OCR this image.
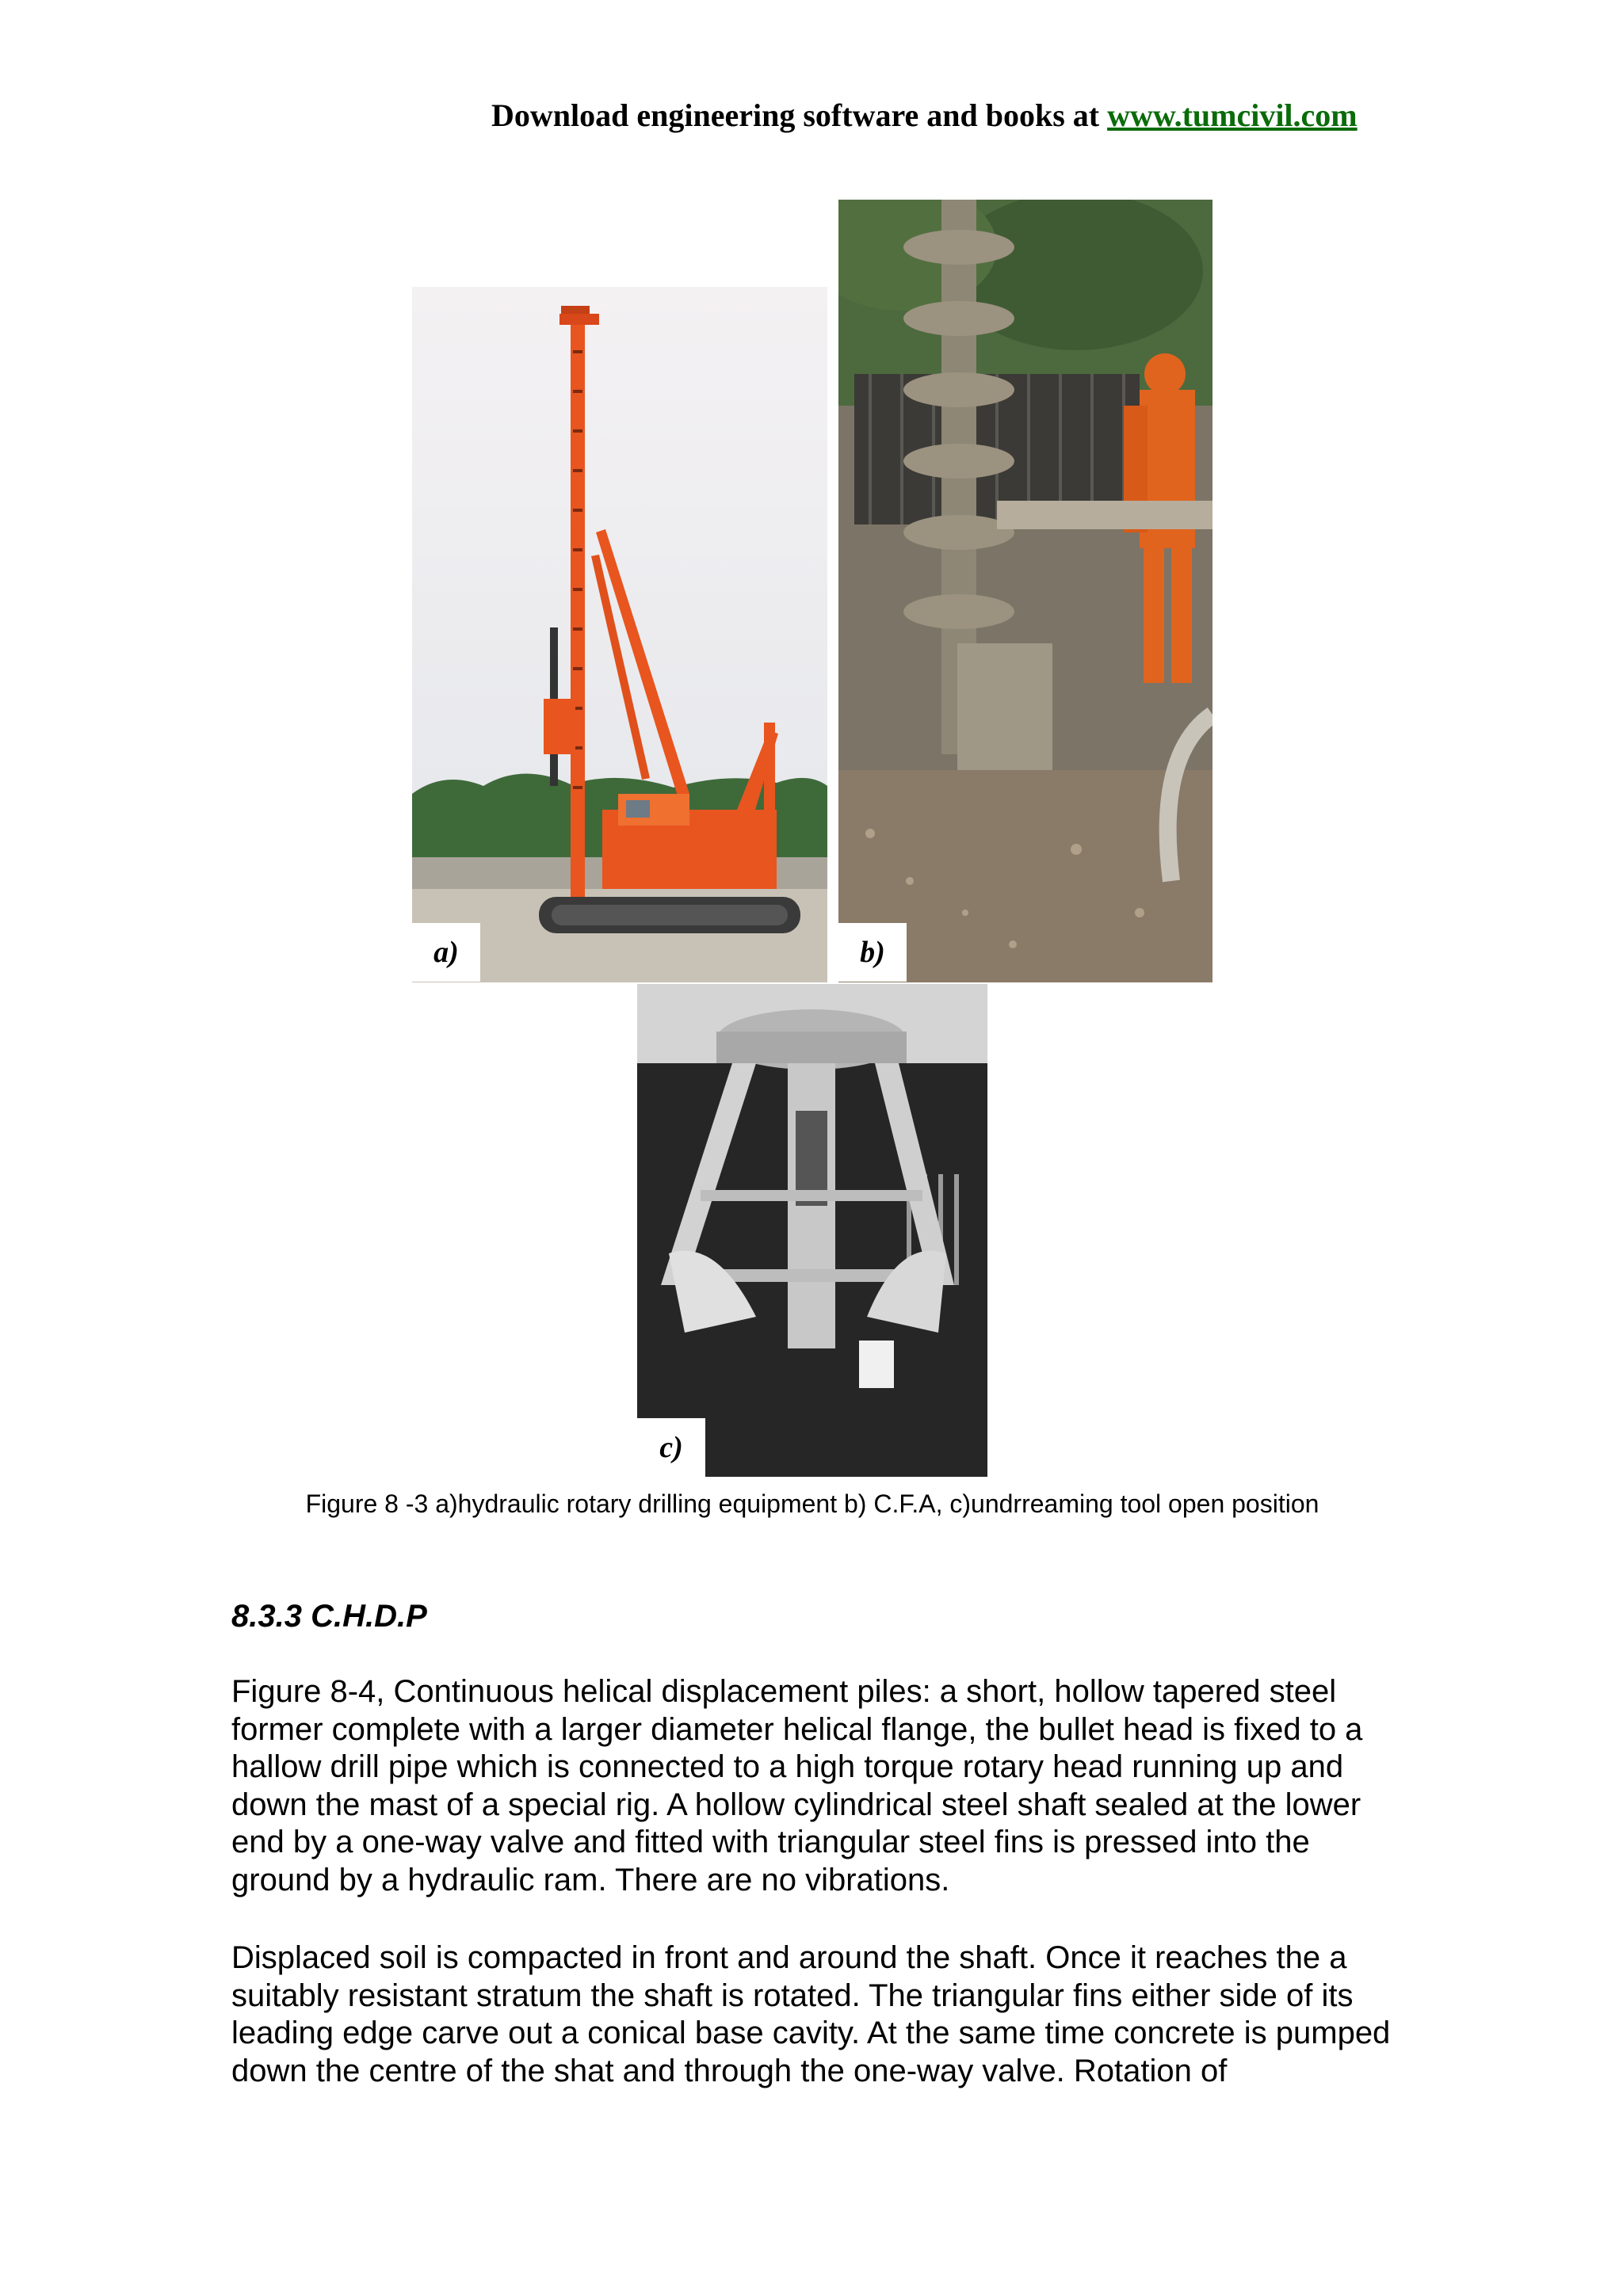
Download engineering software and books at www.tumcivil.com
a)	b)
c)
Figure 8 -3 a)hydraulic rotary drilling equipment b) C.F.A, c)undrreaming tool open position
8.3.3 C.H.D.P
Figure 8-4, Continuous helical displacement piles: a short, hollow tapered steel former complete with a larger diameter helical flange, the bullet head is fixed to a hallow drill pipe which is connected to a high torque rotary head running up and down the mast of a special rig. A hollow cylindrical steel shaft sealed at the lower end by a one-way valve and fitted with triangular steel fins is pressed into the ground by a hydraulic ram. There are no vibrations.
Displaced soil is compacted in front and around the shaft. Once it reaches the a suitably resistant stratum the shaft is rotated. The triangular fins either side of its leading edge carve out a conical base cavity. At the same time concrete is pumped down the centre of the shat and through the one-way valve. Rotation of
